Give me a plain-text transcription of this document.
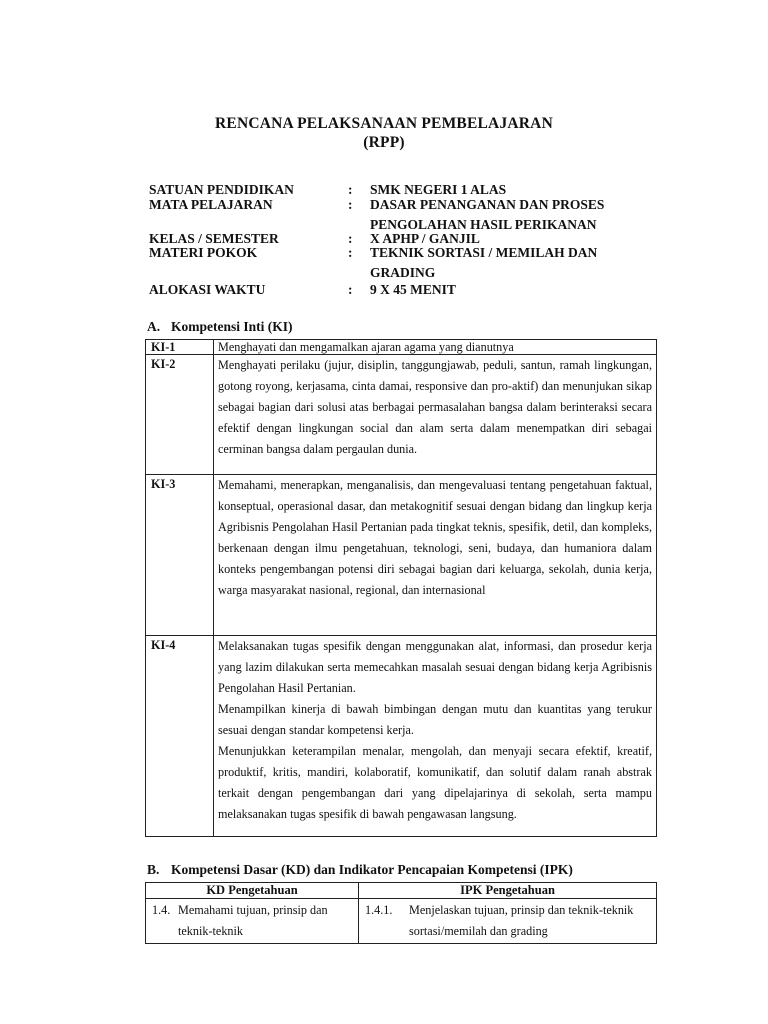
RENCANA PELAKSANAAN PEMBELAJARAN
(RPP)
SATUAN PENDIDIKAN	: SMK NEGERI 1 ALAS
MATA PELAJARAN	: DASAR PENANGANAN DAN PROSES
PENGOLAHAN HASIL PERIKANAN
KELAS / SEMESTER	: X APHP / GANJIL
MATERI POKOK	: TEKNIK SORTASI / MEMILAH DAN
GRADING
ALOKASI WAKTU	: 9 X 45 MENIT
A. Kompetensi Inti (KI)
KI-1	Menghayati dan mengamalkan ajaran agama yang dianutnya
KI-2	Menghayati perilaku (jujur, disiplin, tanggungjawab, peduli, santun, ramah lingkungan, gotong royong, kerjasama, cinta damai, responsive dan pro-aktif) dan menunjukan sikap sebagai bagian dari solusi atas berbagai permasalahan bangsa dalam berinteraksi secara efektif dengan lingkungan social dan alam serta dalam menempatkan diri sebagai cerminan bangsa dalam pergaulan dunia.
KI-3	Memahami, menerapkan, menganalisis, dan mengevaluasi tentang pengetahuan faktual, konseptual, operasional dasar, dan metakognitif sesuai dengan bidang dan lingkup kerja Agribisnis Pengolahan Hasil Pertanian pada tingkat teknis, spesifik, detil, dan kompleks, berkenaan dengan ilmu pengetahuan, teknologi, seni, budaya, dan humaniora dalam konteks pengembangan potensi diri sebagai bagian dari keluarga, sekolah, dunia kerja, warga masyarakat nasional, regional, dan internasional
KI-4	Melaksanakan tugas spesifik dengan menggunakan alat, informasi, dan prosedur kerja yang lazim dilakukan serta memecahkan masalah sesuai dengan bidang kerja Agribisnis Pengolahan Hasil Pertanian.

Menampilkan kinerja di bawah bimbingan dengan mutu dan kuantitas yang terukur sesuai dengan standar kompetensi kerja.

Menunjukkan keterampilan menalar, mengolah, dan menyaji secara efektif, kreatif,    produktif, kritis, mandiri, kolaboratif, komunikatif, dan solutif dalam ranah abstrak terkait dengan pengembangan dari yang dipelajarinya di sekolah, serta mampu melaksanakan tugas spesifik di bawah pengawasan langsung.

B. Kompetensi Dasar (KD) dan Indikator Pencapaian Kompetensi (IPK)
KD Pengetahuan	IPK Pengetahuan

1.4. Memahami tujuan, prinsip dan teknik-teknik	1.4.1. Menjelaskan tujuan, prinsip dan teknik-teknik sortasi/memilah dan grading
